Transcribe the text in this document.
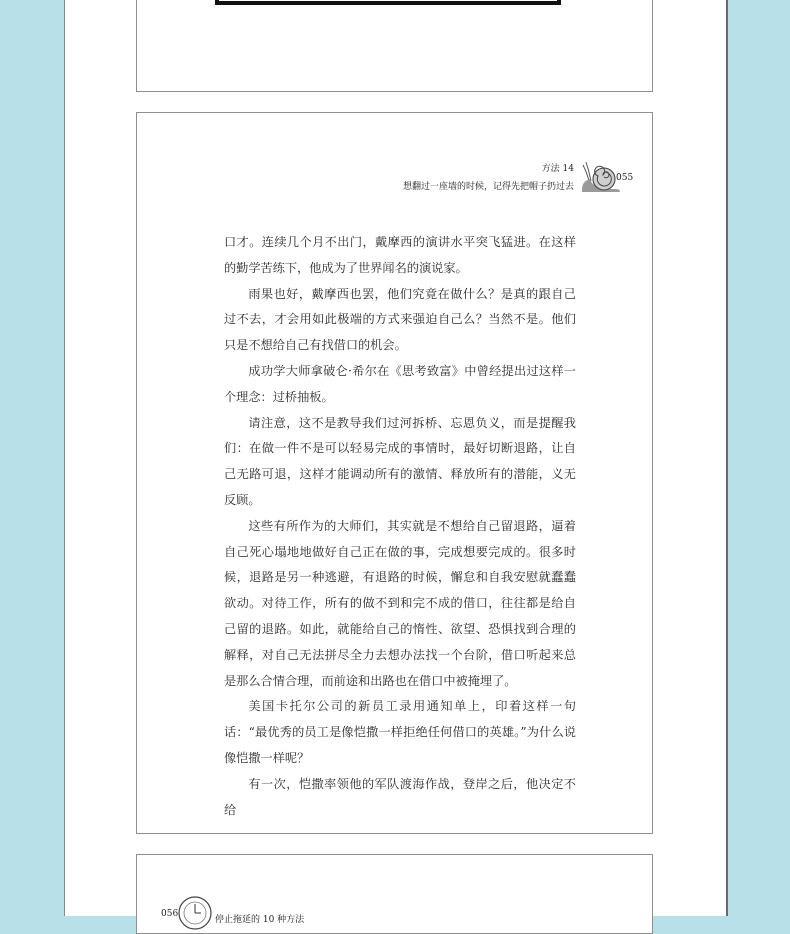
方法 14
想翻过一座墙的时候，记得先把帽子扔过去
055

口才。连续几个月不出门，戴摩西的演讲水平突飞猛进。在这样的勤学苦练下，他成为了世界闻名的演说家。

雨果也好，戴摩西也罢，他们究竟在做什么？是真的跟自己过不去，才会用如此极端的方式来强迫自己么？当然不是。他们只是不想给自己有找借口的机会。

成功学大师拿破仑·希尔在《思考致富》中曾经提出过这样一个理念：过桥抽板。

请注意，这不是教导我们过河拆桥、忘恩负义，而是提醒我们：在做一件不是可以轻易完成的事情时，最好切断退路，让自己无路可退，这样才能调动所有的激情、释放所有的潜能，义无反顾。

这些有所作为的大师们，其实就是不想给自己留退路，逼着自己死心塌地地做好自己正在做的事，完成想要完成的。很多时候，退路是另一种逃避，有退路的时候，懈怠和自我安慰就蠢蠢欲动。对待工作，所有的做不到和完不成的借口，往往都是给自己留的退路。如此，就能给自己的惰性、欲望、恐惧找到合理的解释，对自己无法拼尽全力去想办法找一个台阶，借口听起来总是那么合情合理，而前途和出路也在借口中被掩埋了。

美国卡托尔公司的新员工录用通知单上，印着这样一句话：“最优秀的员工是像恺撒一样拒绝任何借口的英雄。”为什么说像恺撒一样呢？

有一次，恺撒率领他的军队渡海作战，登岸之后，他决定不给

056
停止拖延的 10 种方法
